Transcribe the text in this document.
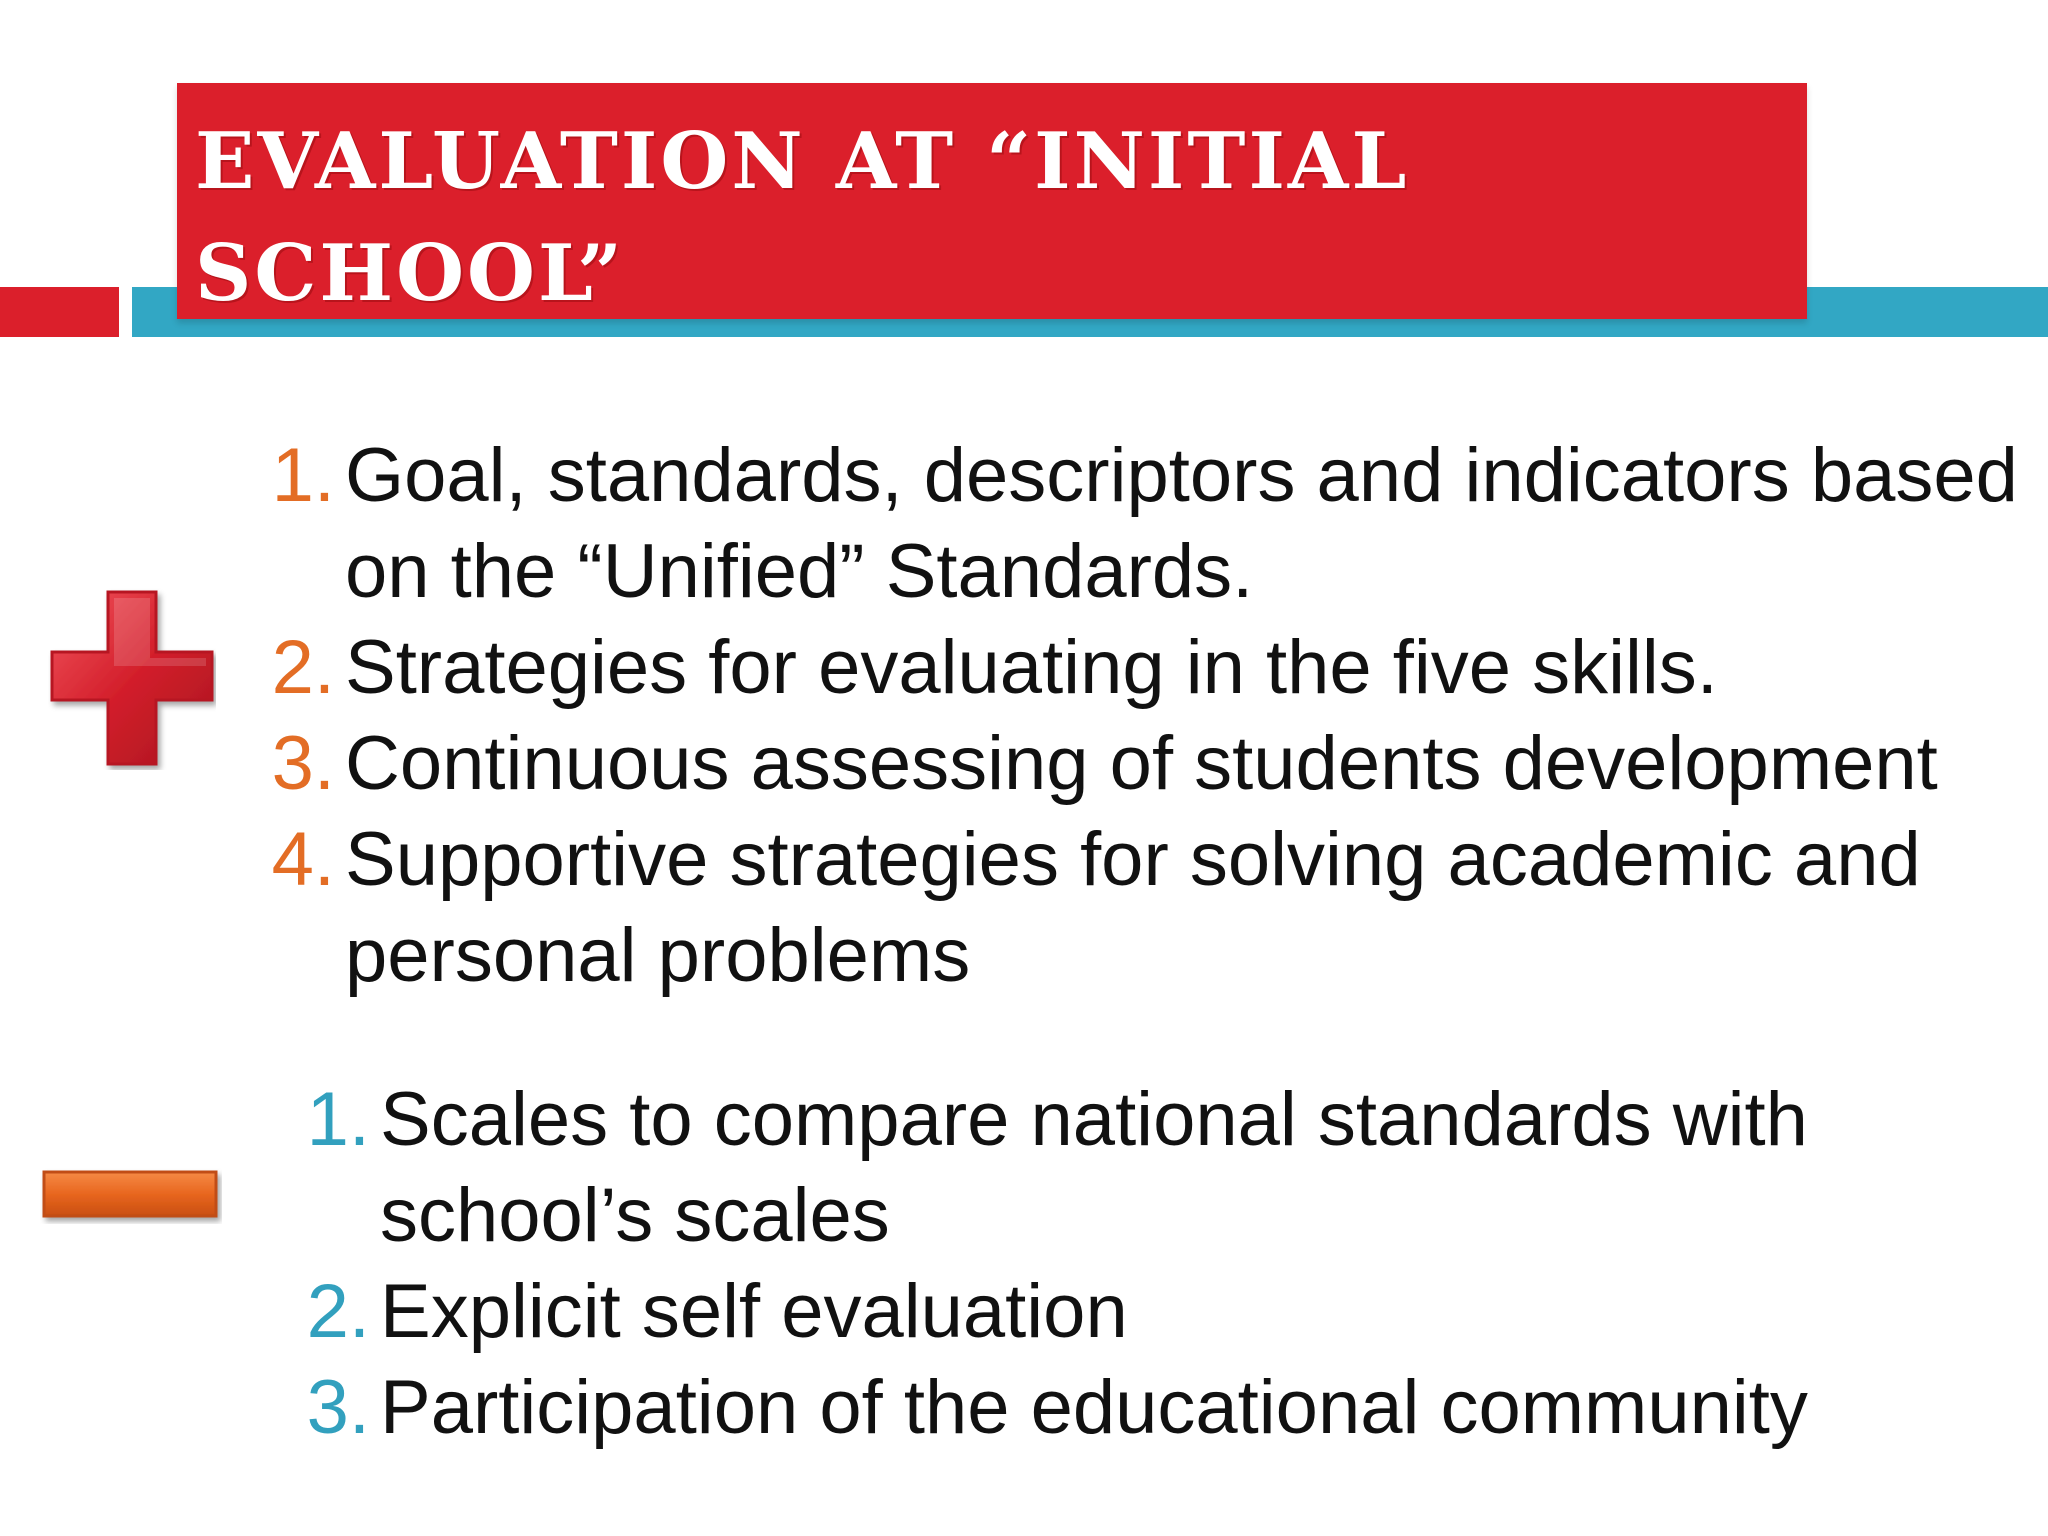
EVALUATION AT “INITIAL SCHOOL”
1. Goal, standards, descriptors and indicators based on the “Unified” Standards.
2. Strategies for evaluating in the five skills.
3. Continuous assessing of students development
4. Supportive strategies for solving academic and personal problems
1. Scales to compare national standards with school’s scales
2. Explicit self evaluation
3. Participation of the educational community
